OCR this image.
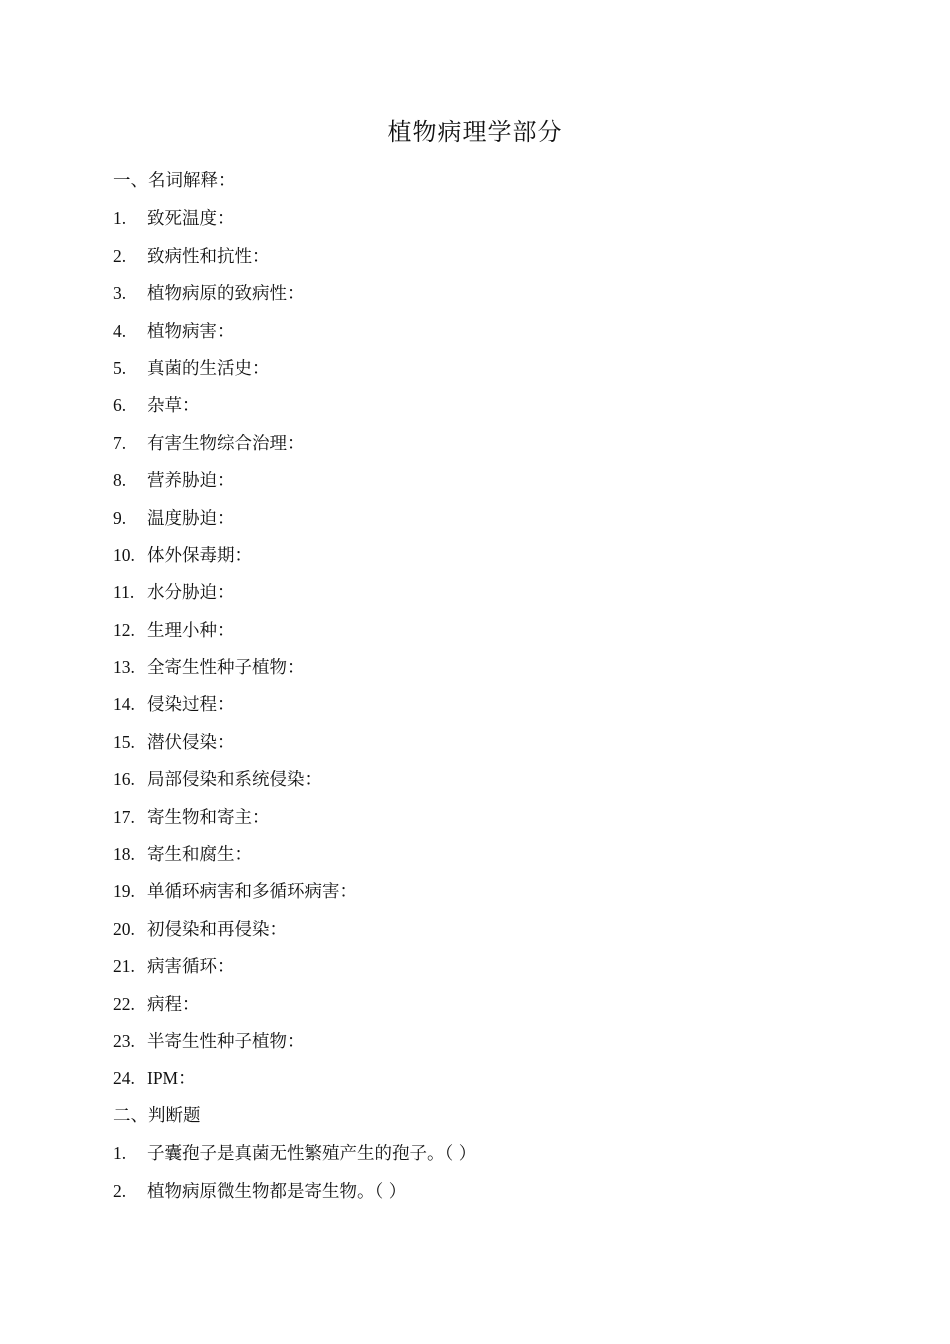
植物病理学部分
一、名词解释：
1. 致死温度：
2. 致病性和抗性：
3. 植物病原的致病性：
4. 植物病害：
5. 真菌的生活史：
6. 杂草：
7. 有害生物综合治理：
8. 营养胁迫：
9. 温度胁迫：
10. 体外保毒期：
11. 水分胁迫：
12. 生理小种：
13. 全寄生性种子植物：
14. 侵染过程：
15. 潜伏侵染：
16. 局部侵染和系统侵染：
17. 寄生物和寄主：
18. 寄生和腐生：
19. 单循环病害和多循环病害：
20. 初侵染和再侵染：
21. 病害循环：
22. 病程：
23. 半寄生性种子植物：
24. IPM：
二、判断题
1. 子囊孢子是真菌无性繁殖产生的孢子。（ ）
2. 植物病原微生物都是寄生物。（ ）
